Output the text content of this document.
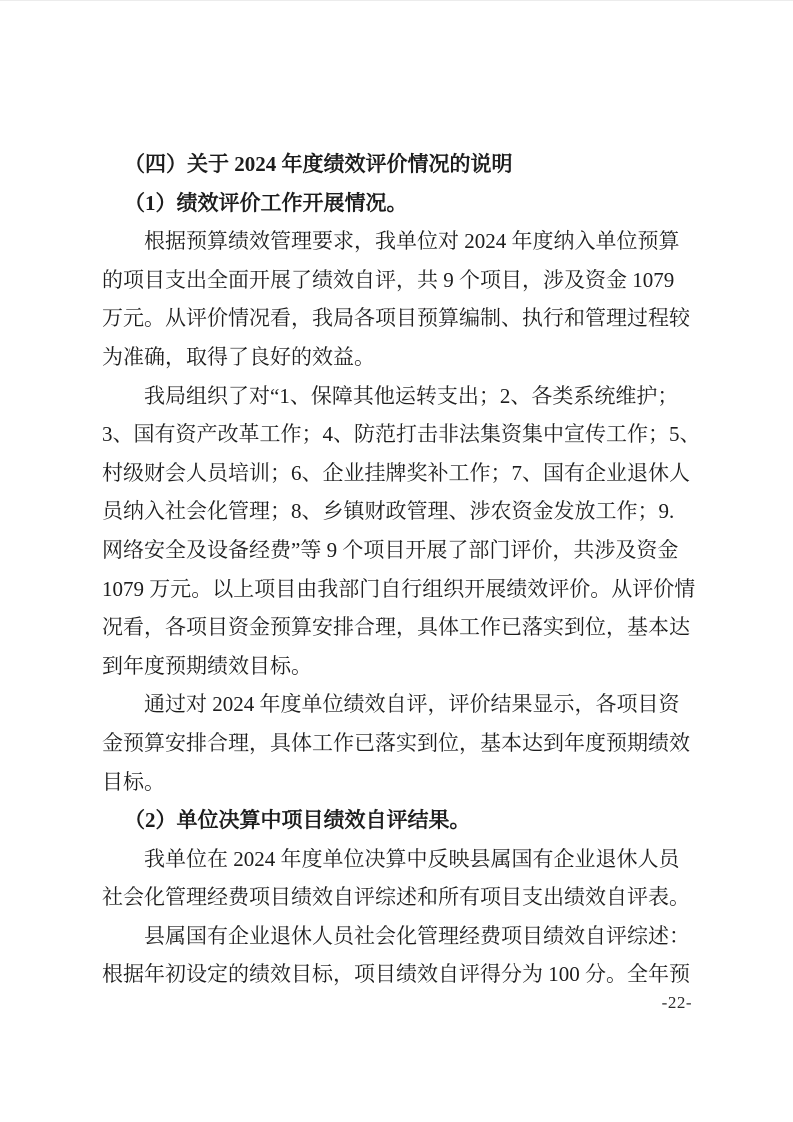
（四）关于 2024 年度绩效评价情况的说明
（1）绩效评价工作开展情况。
根据预算绩效管理要求，我单位对 2024 年度纳入单位预算
的项目支出全面开展了绩效自评，共 9 个项目，涉及资金 1079
万元。从评价情况看，我局各项目预算编制、执行和管理过程较
为准确，取得了良好的效益。
我局组织了对“1、保障其他运转支出；2、各类系统维护；
3、国有资产改革工作；4、防范打击非法集资集中宣传工作；5、
村级财会人员培训；6、企业挂牌奖补工作；7、国有企业退休人
员纳入社会化管理；8、乡镇财政管理、涉农资金发放工作；9.
网络安全及设备经费”等 9 个项目开展了部门评价，共涉及资金
1079 万元。以上项目由我部门自行组织开展绩效评价。从评价情
况看，各项目资金预算安排合理，具体工作已落实到位，基本达
到年度预期绩效目标。
通过对 2024 年度单位绩效自评，评价结果显示，各项目资
金预算安排合理，具体工作已落实到位，基本达到年度预期绩效
目标。
（2）单位决算中项目绩效自评结果。
我单位在 2024 年度单位决算中反映县属国有企业退休人员
社会化管理经费项目绩效自评综述和所有项目支出绩效自评表。
县属国有企业退休人员社会化管理经费项目绩效自评综述：
根据年初设定的绩效目标，项目绩效自评得分为 100 分。全年预
-22-
